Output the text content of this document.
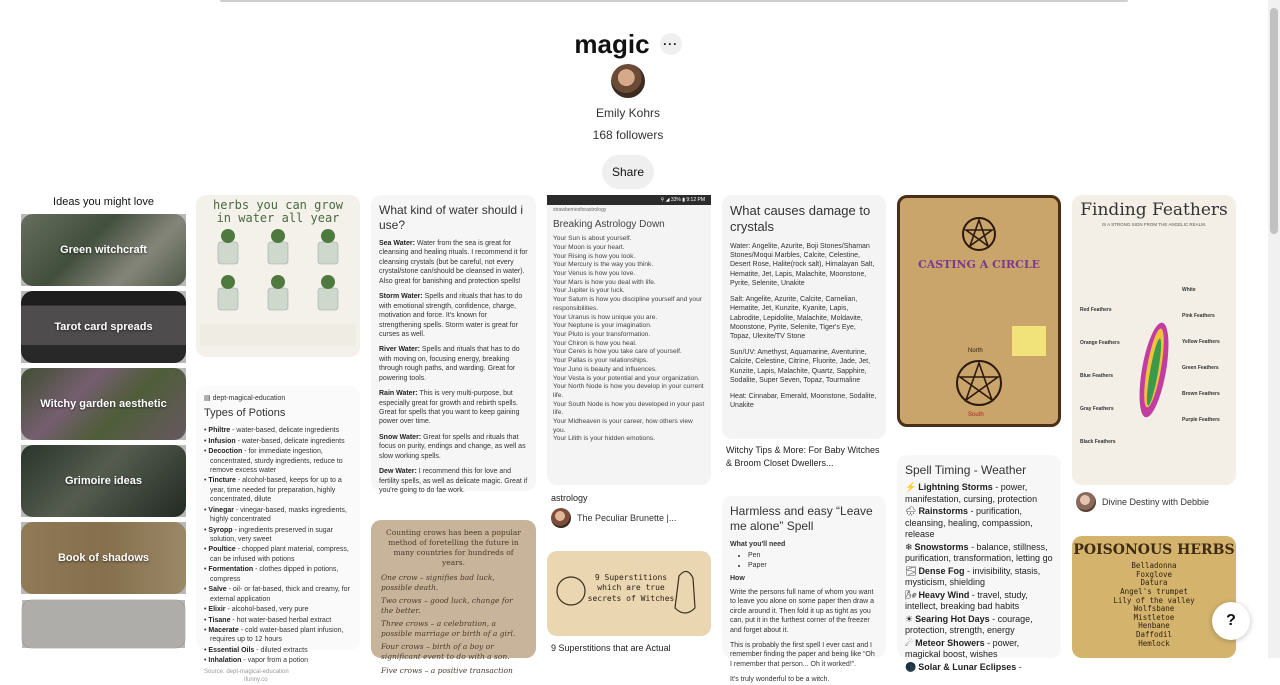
magic ···
Emily Kohrs
168 followers
Share
Ideas you might love
Green witchcraft
Tarot card spreads
Witchy garden aesthetic
Grimoire ideas
Book of shadows
herbs you can grow in water all year
▤ dept-magical-education
Types of Potions
• Philtre - water-based, delicate ingredients
• Infusion - water-based, delicate ingredients
• Decoction - for immediate ingestion, concentrated, sturdy ingredients, reduce to remove excess water
• Tincture - alcohol-based, keeps for up to a year, time needed for preparation, highly concentrated, dilute
• Vinegar - vinegar-based, masks ingredients, highly concentrated
• Syropp - ingredients preserved in sugar solution, very sweet
• Poultice - chopped plant material, compress, can be infused with potions
• Formentation - clothes dipped in potions, compress
• Salve - oil- or fat-based, thick and creamy, for external application
• Elixir - alcohol-based, very pure
• Tisane - hot water-based herbal extract
• Macerate - cold water-based plant infusion, requires up to 12 hours
• Essential Oils - diluted extracts
• Inhalation - vapor from a potion
Source: dept-magical-education ifunny.co
What kind of water should i use?

Sea Water: Water from the sea is great for cleansing and healing rituals. I recommend it for cleansing crystals (but be careful, not every crystal/stone can/should be cleansed in water). Also great for banishing and protection spells!

Storm Water: Spells and rituals that has to do with emotional strength, confidence, charge, motivation and force. It's known for strengthening spells. Storm water is great for curses as well.

River Water: Spells and rituals that has to do with moving on, focusing energy, breaking through rough paths, and warding. Great for powering tools.

Rain Water: This is very multi-purpose, but especially great for growth and rebirth spells. Great for spells that you want to keep gaining power over time.

Snow Water: Great for spells and rituals that focus on purity, endings and change, as well as slow working spells.

Dew Water: I recommend this for love and fertility spells, as well as delicate magic. Great if you're going to do fae work.

Counting crows has been a popular method of foretelling the future in many countries for hundreds of years.
One crow – signifies bad luck, possible death.
Two crows – good luck, change for the better.
Three crows – a celebration, a possible marriage or birth of a girl.
Four crows – birth of a boy or significant event to do with a son.
Five crows – a positive transaction
⚲ ◢ 33% ▮ 9:12 PM
strawberriesforastrology
Breaking Astrology Down
Your Sun is about yourself.
Your Moon is your heart.
Your Rising is how you look.
Your Mercury is the way you think.
Your Venus is how you love.
Your Mars is how you deal with life.
Your Jupiter is your luck.
Your Saturn is how you discipline yourself and your responsibilities.
Your Uranus is how unique you are.
Your Neptune is your imagination.
Your Pluto is your transformation.
Your Chiron is how you heal.
Your Ceres is how you take care of yourself.
Your Pallas is your relationships.
Your Juno is beauty and influences.
Your Vesta is your potential and your organization.
Your North Node is how you develop in your current life.
Your South Node is how you developed in your past life.
Your Midheaven is your career, how others view you.
Your Lilith is your hidden emotions.
astrology
The Peculiar Brunette |...
9 Superstitions which are true secrets of Witches
9 Superstitions that are Actual
What causes damage to crystals

Water: Angelite, Azurite, Boji Stones/Shaman Stones/Moqui Marbles, Calcite, Celestine, Desert Rose, Halite(rock salt), Himalayan Salt, Hematite, Jet, Lapis, Malachite, Moonstone, Pyrite, Selenite, Unakite

Salt: Angelite, Azurite, Calcite, Carnelian, Hematite, Jet, Kunzite, Kyanite, Lapis, Labrodite, Lepidolite, Malachite, Moldavite, Moonstone, Pyrite, Selenite, Tiger's Eye, Topaz, Ulexite/TV Stone

Sun/UV: Amethyst, Aquamarine, Aventurine, Calcite, Celestine, Citrine, Fluorite, Jade, Jet, Kunzite, Lapis, Malachite, Quartz, Sapphire, Sodalite, Super Seven, Topaz, Tourmaline

Heat: Cinnabar, Emerald, Moonstone, Sodalite, Unakite

Witchy Tips & More: For Baby Witches & Broom Closet Dwellers...
Harmless and easy “Leave me alone” Spell
What you'll need
• Pen
• Paper
How

Write the persons full name of whom you want to leave you alone on some paper then draw a circle around it. Then fold it up as tight as you can, put it in the furthest corner of the freezer and forget about it.

This is probably the first spell I ever cast and I remember finding the paper and being like “Oh I remember that person... Oh it worked!”.

It's truly wonderful to be a witch.

CASTING A CIRCLE
North
South
Spell Timing - Weather
⚡ Lightning Storms - power, manifestation, cursing, protection
🌧 Rainstorms - purification, cleansing, healing, compassion, release
❄ Snowstorms - balance, stillness, purification, transformation, letting go
🌫 Dense Fog - invisibility, stasis, mysticism, shielding
🌬 Heavy Wind - travel, study, intellect, breaking bad habits
☀ Searing Hot Days - courage, protection, strength, energy
☄ Meteor Showers - power, magickal boost, wishes
🌑 Solar & Lunar Eclipses -
Finding Feathers
IS A STRONG SIGN FROM THE ANGELIC REALM.
Red Feathers
Orange Feathers
Blue Feathers
Gray Feathers
Black Feathers
White
Pink Feathers
Yellow Feathers
Green Feathers
Brown Feathers
Purple Feathers
Divine Destiny with Debbie
POISONOUS HERBS
Belladonna
Foxglove
Datura
Angel's trumpet
Lily of the valley
Wolfsbane
Mistletoe
Henbane
Daffodil
Hemlock
?
